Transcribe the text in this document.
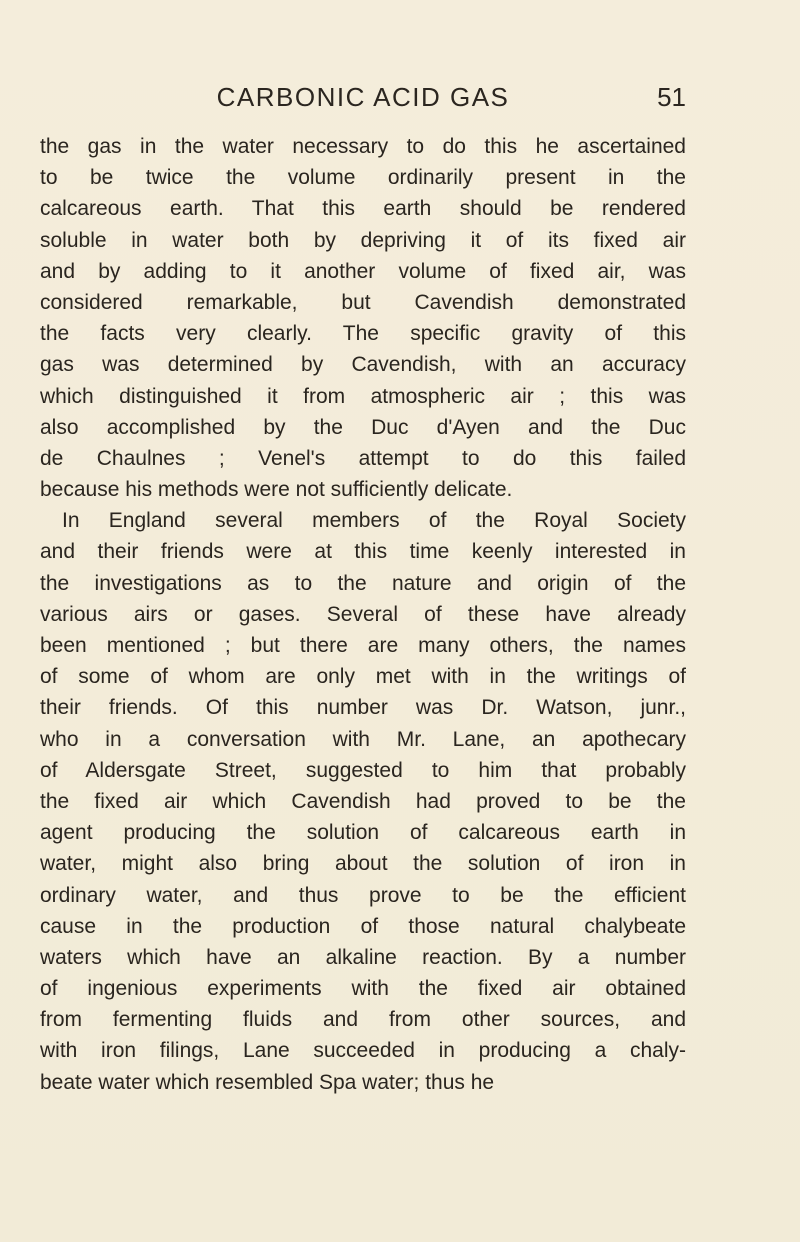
CARBONIC ACID GAS	51
the gas in the water necessary to do this he ascertained
to be twice the volume ordinarily present in the
calcareous earth. That this earth should be rendered
soluble in water both by depriving it of its fixed air
and by adding to it another volume of fixed air, was
considered remarkable, but Cavendish demonstrated
the facts very clearly. The specific gravity of this
gas was determined by Cavendish, with an accuracy
which distinguished it from atmospheric air ; this was
also accomplished by the Duc d'Ayen and the Duc
de Chaulnes ; Venel's attempt to do this failed
because his methods were not sufficiently delicate.
In England several members of the Royal Society
and their friends were at this time keenly interested in
the investigations as to the nature and origin of the
various airs or gases. Several of these have already
been mentioned ; but there are many others, the names
of some of whom are only met with in the writings of
their friends. Of this number was Dr. Watson, junr.,
who in a conversation with Mr. Lane, an apothecary
of Aldersgate Street, suggested to him that probably
the fixed air which Cavendish had proved to be the
agent producing the solution of calcareous earth in
water, might also bring about the solution of iron in
ordinary water, and thus prove to be the efficient
cause in the production of those natural chalybeate
waters which have an alkaline reaction. By a number
of ingenious experiments with the fixed air obtained
from fermenting fluids and from other sources, and
with iron filings, Lane succeeded in producing a chaly-
beate water which resembled Spa water; thus he
